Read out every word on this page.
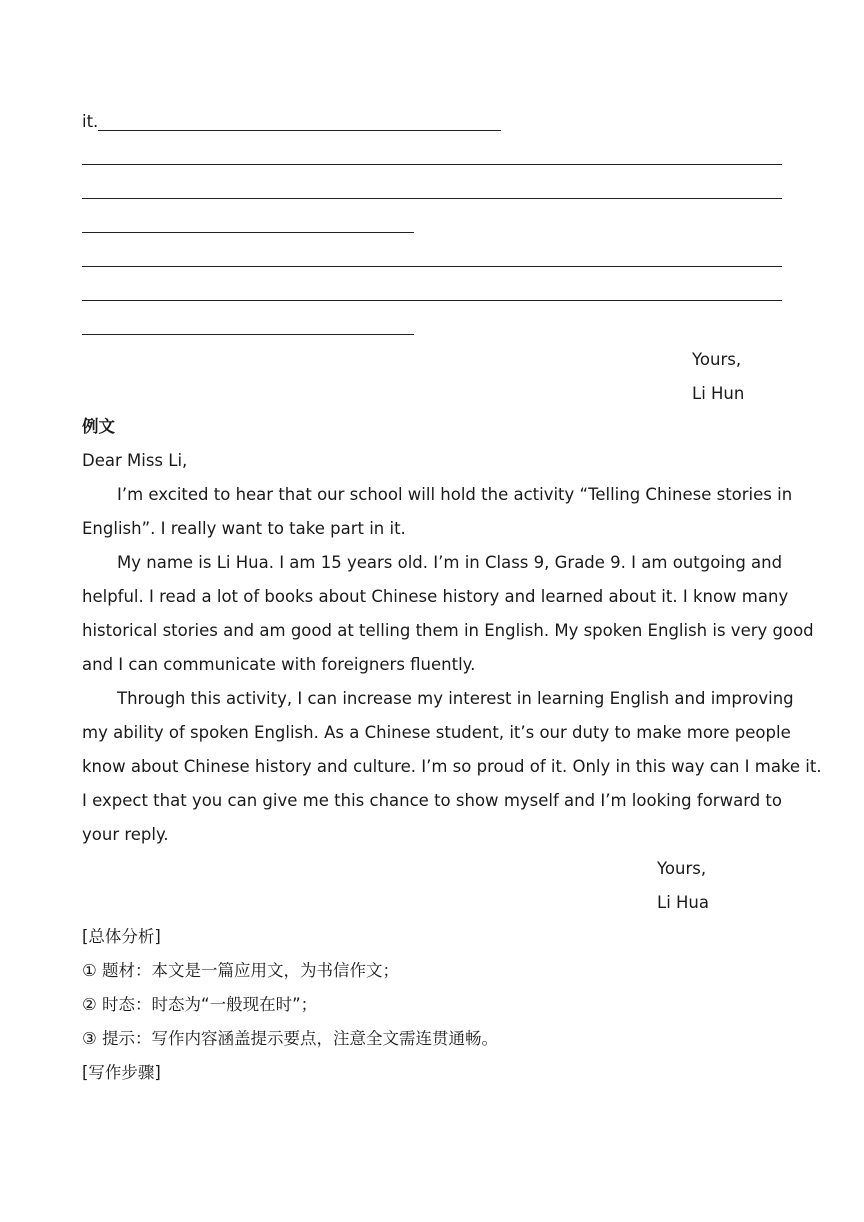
it.
Yours,
Li Hun
例文
Dear Miss Li,
I’m excited to hear that our school will hold the activity “Telling Chinese stories in
English”. I really want to take part in it.
My name is Li Hua. I am 15 years old. I’m in Class 9, Grade 9. I am outgoing and
helpful. I read a lot of books about Chinese history and learned about it. I know many
historical stories and am good at telling them in English. My spoken English is very good
and I can communicate with foreigners fluently.
Through this activity, I can increase my interest in learning English and improving
my ability of spoken English. As a Chinese student, it’s our duty to make more people
know about Chinese history and culture. I’m so proud of it. Only in this way can I make it.
I expect that you can give me this chance to show myself and I’m looking forward to
your reply.
Yours,
Li Hua
[总体分析]
① 题材：本文是一篇应用文，为书信作文；
② 时态：时态为“一般现在时”；
③ 提示：写作内容涵盖提示要点，注意全文需连贯通畅。
[写作步骤]
